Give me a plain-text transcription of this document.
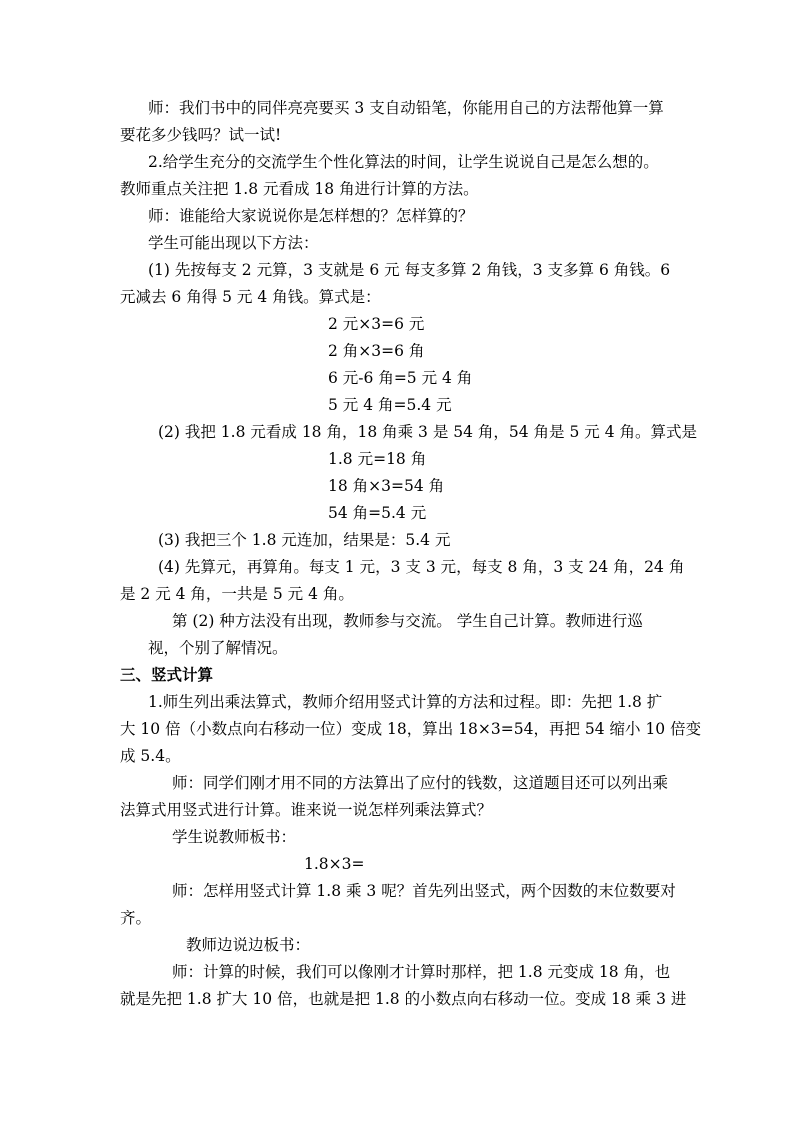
师：我们书中的同伴亮亮要买 3 支自动铅笔，你能用自己的方法帮他算一算
要花多少钱吗？试一试!
2.给学生充分的交流学生个性化算法的时间，让学生说说自己是怎么想的。
教师重点关注把 1.8 元看成 18 角进行计算的方法。
师：谁能给大家说说你是怎样想的？怎样算的？
学生可能出现以下方法：
(1) 先按每支 2 元算，3 支就是 6 元 每支多算 2 角钱，3 支多算 6 角钱。6
元减去 6 角得 5 元 4 角钱。算式是：
2 元×3=6 元
2 角×3=6 角
6 元-6 角=5 元 4 角
5 元 4 角=5.4 元
(2) 我把 1.8 元看成 18 角，18 角乘 3 是 54 角，54 角是 5 元 4 角。算式是
1.8 元=18 角
18 角×3=54 角
54 角=5.4 元
(3) 我把三个 1.8 元连加，结果是：5.4 元
(4) 先算元，再算角。每支 1 元，3 支 3 元，每支 8 角，3 支 24 角，24 角
是 2 元 4 角，一共是 5 元 4 角。
第 (2) 种方法没有出现，教师参与交流。 学生自己计算。教师进行巡
视，个别了解情况。
三、竖式计算
1.师生列出乘法算式，教师介绍用竖式计算的方法和过程。即：先把 1.8 扩
大 10 倍（小数点向右移动一位）变成 18，算出 18×3=54，再把 54 缩小 10 倍变
成 5.4。
师：同学们刚才用不同的方法算出了应付的钱数，这道题目还可以列出乘
法算式用竖式进行计算。谁来说一说怎样列乘法算式？
学生说教师板书：
1.8×3=
师：怎样用竖式计算 1.8 乘 3 呢？首先列出竖式，两个因数的末位数要对
齐。
教师边说边板书：
师：计算的时候，我们可以像刚才计算时那样，把 1.8 元变成 18 角，也
就是先把 1.8 扩大 10 倍，也就是把 1.8 的小数点向右移动一位。变成 18 乘 3 进
